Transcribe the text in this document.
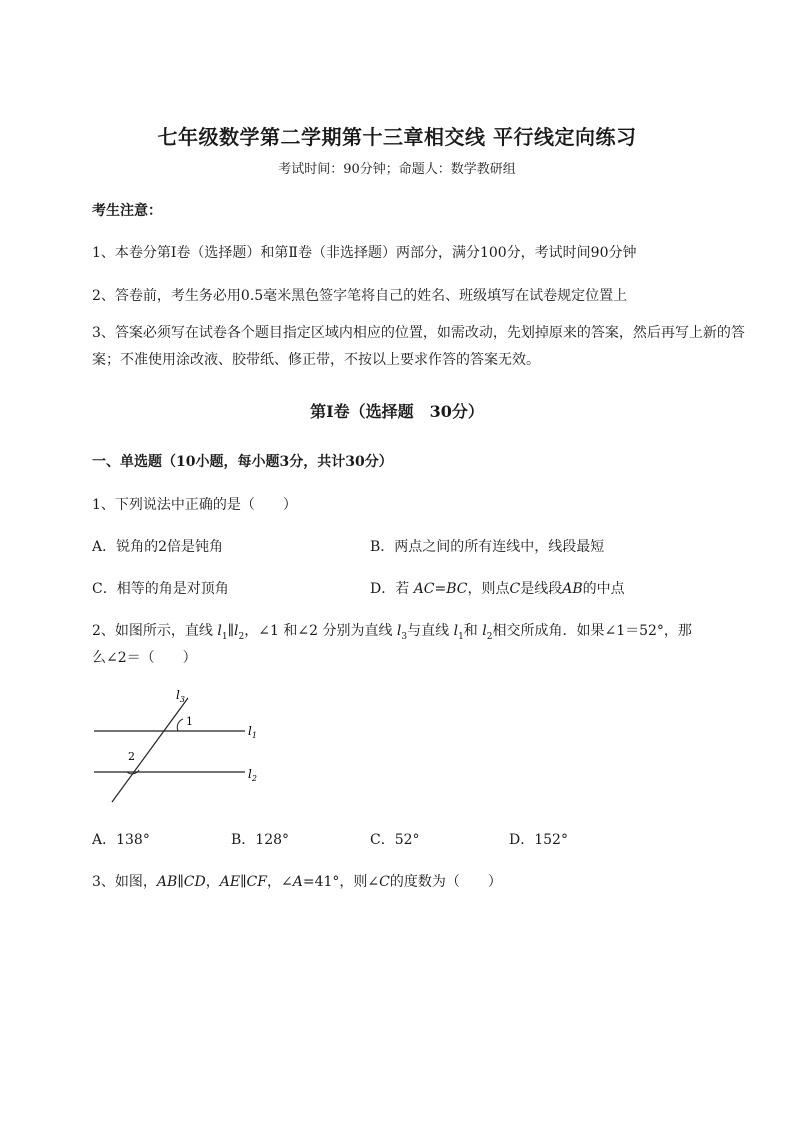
七年级数学第二学期第十三章相交线 平行线定向练习
考试时间：90分钟；命题人：数学教研组
考生注意：
1、本卷分第I卷（选择题）和第Ⅱ卷（非选择题）两部分，满分100分，考试时间90分钟
2、答卷前，考生务必用0.5毫米黑色签字笔将自己的姓名、班级填写在试卷规定位置上
3、答案必须写在试卷各个题目指定区域内相应的位置，如需改动，先划掉原来的答案，然后再写上新的答案；不准使用涂改液、胶带纸、修正带，不按以上要求作答的答案无效。
第I卷（选择题　30分）
一、单选题（10小题，每小题3分，共计30分）
1、下列说法中正确的是（　　）
A．锐角的2倍是钝角	B．两点之间的所有连线中，线段最短
C．相等的角是对顶角	D．若 AC=BC，则点C是线段AB的中点
2、如图所示，直线 $l_1\parallel l_2$，∠1 和∠2 分别为直线 $l_3$与直线 $l_1$和 $l_2$相交所成角．如果∠1＝52°，那
么∠2＝（　　）
$l_3$
1
$l_1$
2
$l_2$
A．138°	B．128°	C．52°	D．152°
3、如图，AB∥CD，AE∥CF，∠A=41°，则∠C的度数为（　　）
